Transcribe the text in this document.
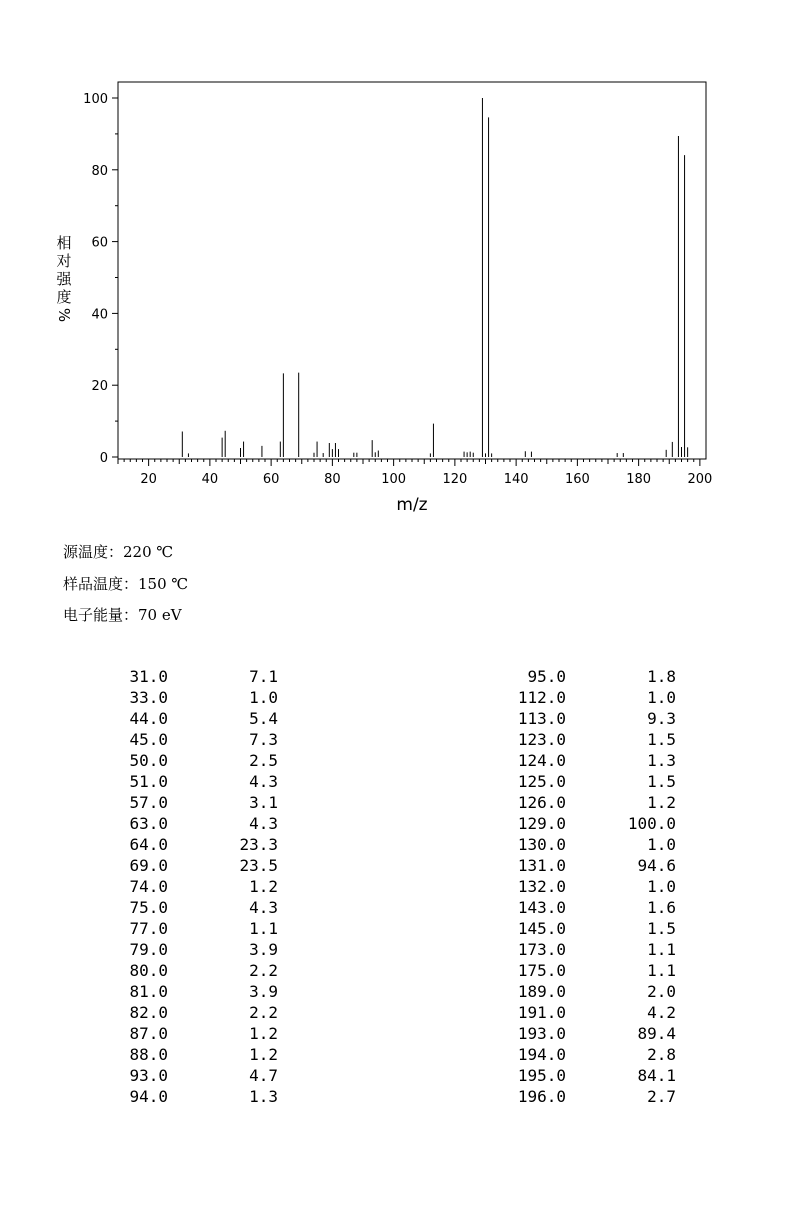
0
20
40
60
80
100
20	40	60	80	100	120	140	160	180	200
m/z
相
对
强
度
%
源温度：220 ℃
样品温度：150 ℃
电子能量：70 eV
31.0	7.1
33.0	1.0
44.0	5.4
45.0	7.3
50.0	2.5
51.0	4.3
57.0	3.1
63.0	4.3
64.0	23.3
69.0	23.5
74.0	1.2
75.0	4.3
77.0	1.1
79.0	3.9
80.0	2.2
81.0	3.9
82.0	2.2
87.0	1.2
88.0	1.2
93.0	4.7
94.0	1.3
95.0	1.8
112.0	1.0
113.0	9.3
123.0	1.5
124.0	1.3
125.0	1.5
126.0	1.2
129.0	100.0
130.0	1.0
131.0	94.6
132.0	1.0
143.0	1.6
145.0	1.5
173.0	1.1
175.0	1.1
189.0	2.0
191.0	4.2
193.0	89.4
194.0	2.8
195.0	84.1
196.0	2.7
